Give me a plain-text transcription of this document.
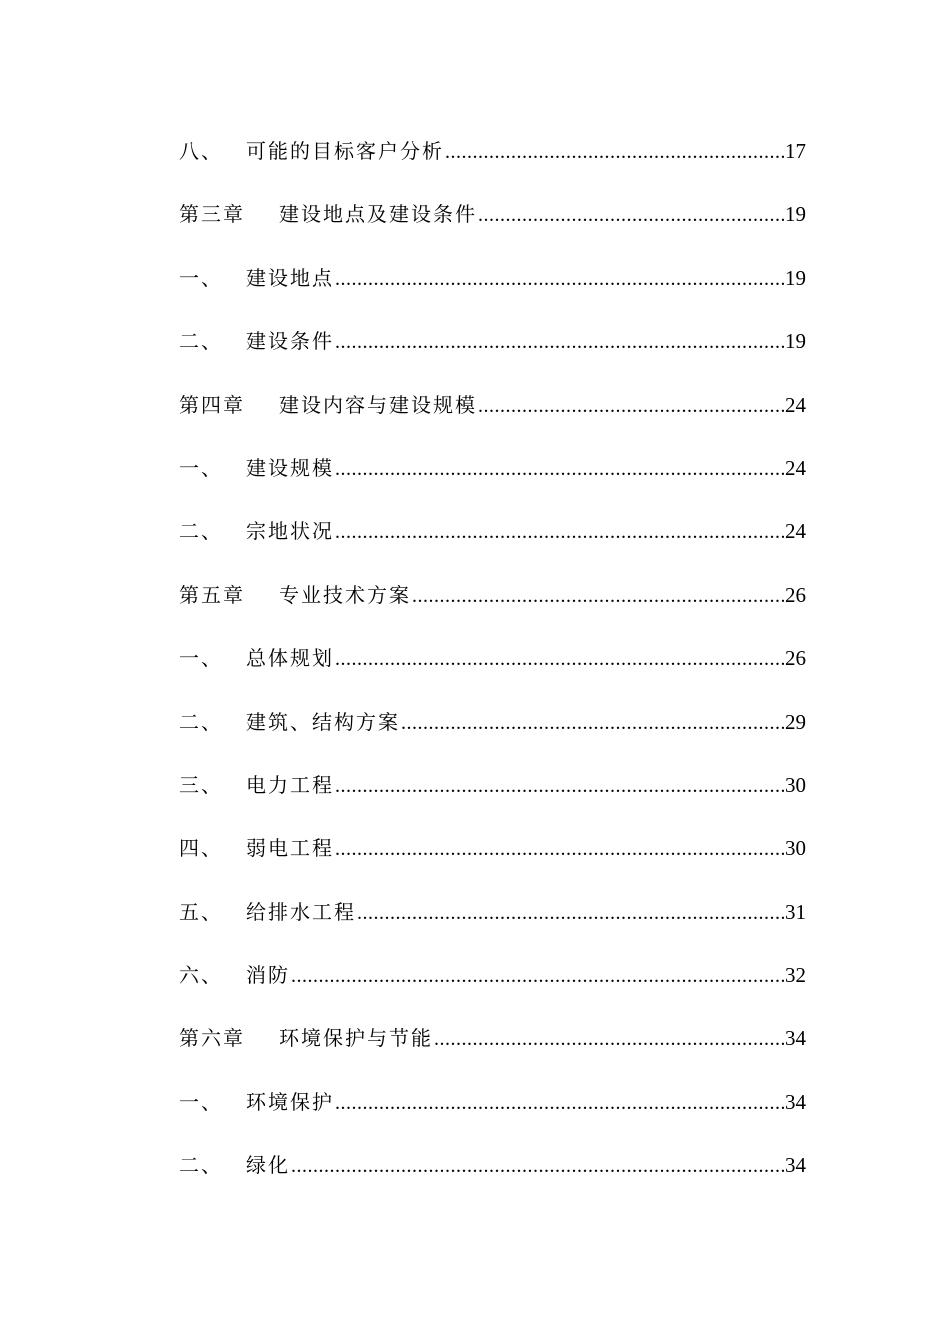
八、	可能的目标客户分析 .....	17
第三章	建设地点及建设条件 .....	19
一、	建设地点 .....	19
二、	建设条件 .....	19
第四章	建设内容与建设规模 .....	24
一、	建设规模 .....	24
二、	宗地状况 .....	24
第五章	专业技术方案 .....	26
一、	总体规划 .....	26
二、	建筑、结构方案 .....	29
三、	电力工程 .....	30
四、	弱电工程 .....	30
五、	给排水工程 .....	31
六、	消防 .....	32
第六章	环境保护与节能 .....	34
一、	环境保护 .....	34
二、	绿化 .....	34
